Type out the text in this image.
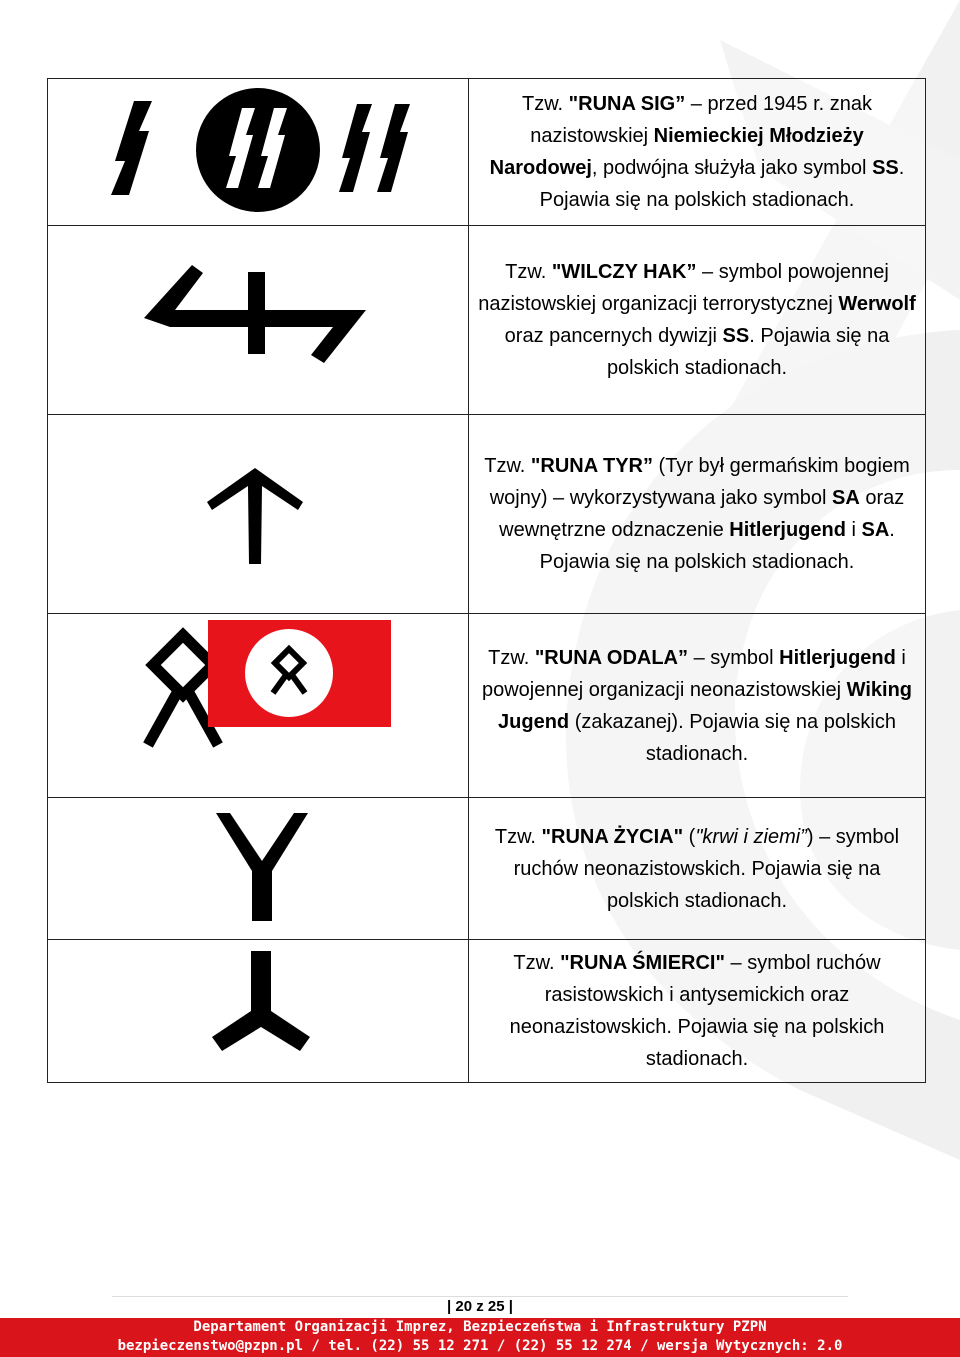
	Tzw. "RUNA SIG” – przed 1945 r. znak nazistowskiej Niemieckiej Młodzieży Narodowej, podwójna służyła jako symbol SS. Pojawia się na polskich stadionach.

	Tzw. "WILCZY HAK” – symbol powojennej nazistowskiej organizacji terrorystycznej Werwolf oraz pancernych dywizji SS. Pojawia się na polskich stadionach.

	Tzw. "RUNA TYR” (Tyr był germańskim bogiem wojny) – wykorzystywana jako symbol SA oraz wewnętrzne odznaczenie Hitlerjugend i SA. Pojawia się na polskich stadionach.

	Tzw. "RUNA ODALA” – symbol Hitlerjugend i powojennej organizacji neonazistowskiej Wiking Jugend (zakazanej). Pojawia się na polskich stadionach.

	Tzw. "RUNA ŻYCIA" ("krwi i ziemi”) – symbol ruchów neonazistowskich. Pojawia się na polskich stadionach.

	Tzw. "RUNA ŚMIERCI" – symbol ruchów rasistowskich i antysemickich oraz neonazistowskich. Pojawia się na polskich stadionach.
| 20 z 25 |
Departament Organizacji Imprez, Bezpieczeństwa i Infrastruktury PZPN
bezpieczenstwo@pzpn.pl / tel. (22) 55 12 271 / (22) 55 12 274 / wersja Wytycznych: 2.0
